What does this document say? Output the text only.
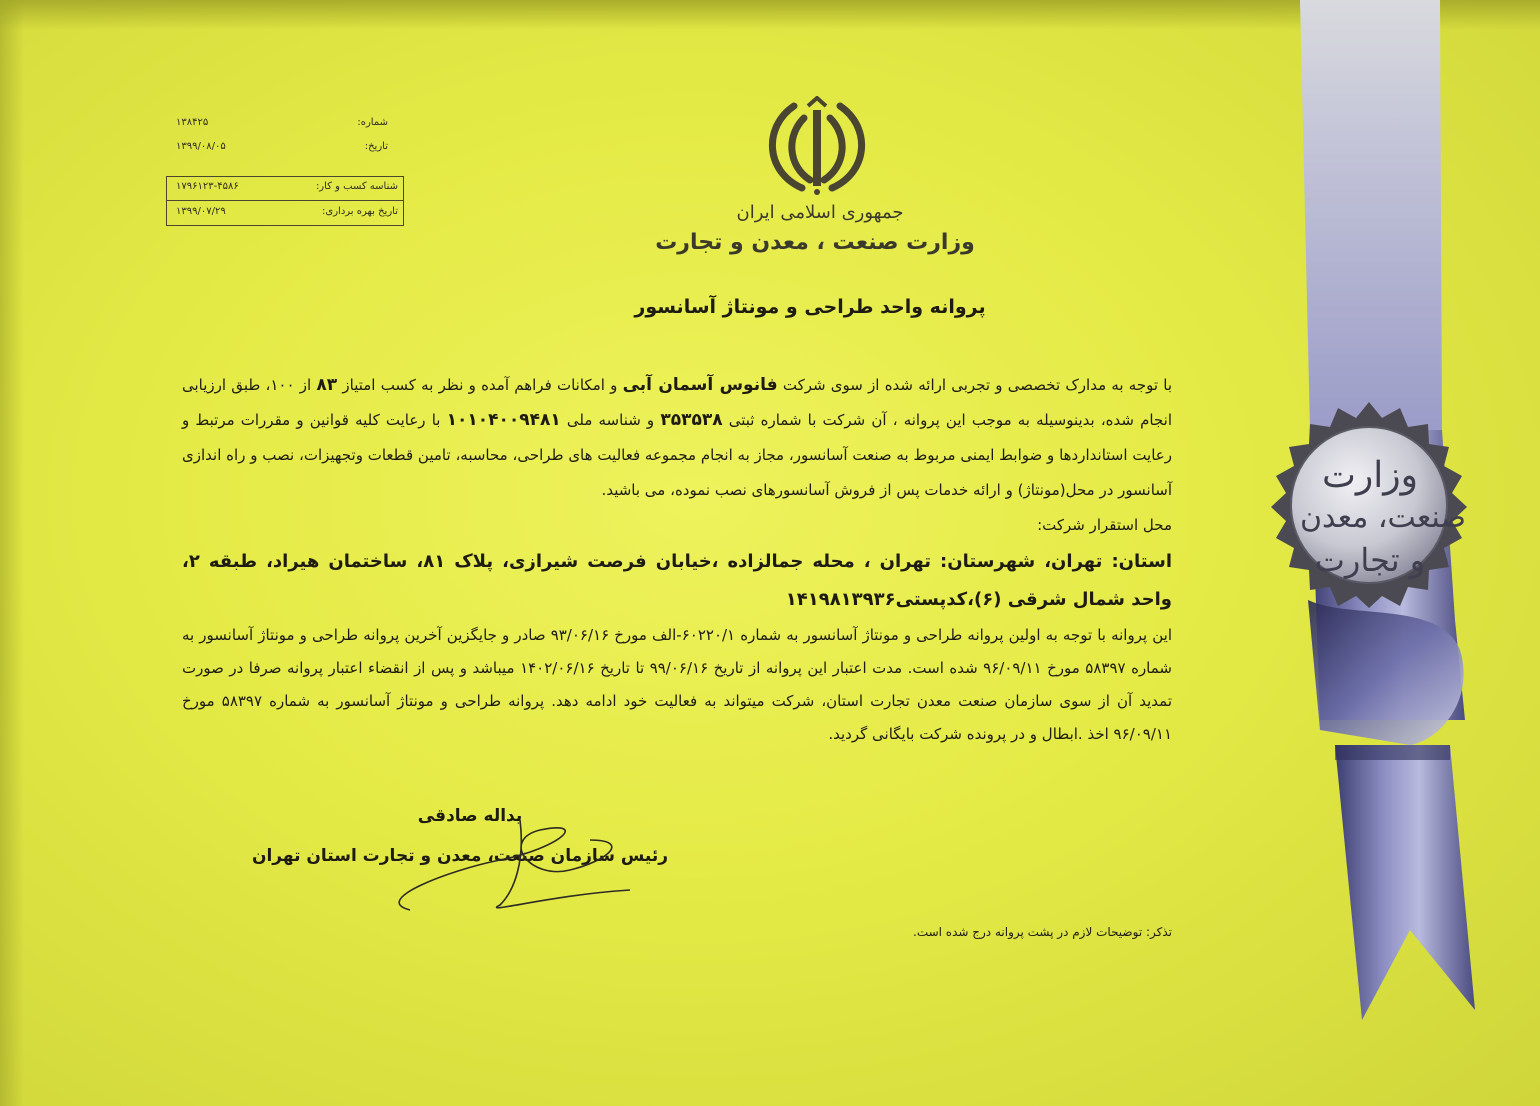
وزارت
صنعت، معدن
و تجارت
جمهوری اسلامی ایران
وزارت صنعت ، معدن و تجارت
شماره:
۱۳۸۴۲۵
تاریخ:
۱۳۹۹/۰۸/۰۵
شناسه کسب و کار:
۱۷۹۶۱۲۳-۴۵۸۶
تاریخ بهره برداری:
۱۳۹۹/۰۷/۲۹
پروانه واحد طراحی و مونتاژ آسانسور

با توجه به مدارک تخصصی و تجربی ارائه شده از سوی شرکت فانوس آسمان آبی و امکانات فراهم آمده و نظر به کسب امتیاز ۸۳ از ۱۰۰، طبق ارزیابی انجام شده، بدینوسیله به موجب این پروانه ، آن شرکت با شماره ثبتی ۳۵۳۵۳۸ و شناسه ملی ۱۰۱۰۴۰۰۹۴۸۱ با رعایت کلیه قوانین و مقررات مرتبط و رعایت استانداردها و ضوابط ایمنی مربوط به صنعت آسانسور، مجاز به انجام مجموعه فعالیت های طراحی، محاسبه، تامین قطعات وتجهیزات، نصب و راه اندازی آسانسور در محل(مونتاژ) و ارائه خدمات پس از فروش آسانسورهای نصب نموده، می باشید.

محل استقرار شرکت:

استان: تهران، شهرستان: تهران ، محله جمالزاده ،خیابان فرصت شیرازی، پلاک ۸۱، ساختمان هیراد، طبقه ۲، واحد شمال شرقی (۶)،کدپستی۱۴۱۹۸۱۳۹۳۶

این پروانه با توجه به اولین پروانه طراحی و مونتاژ آسانسور به شماره ۶۰۲۲۰/۱-الف مورخ ۹۳/۰۶/۱۶ صادر و جایگزین آخرین پروانه طراحی و مونتاژ آسانسور به شماره ۵۸۳۹۷ مورخ ۹۶/۰۹/۱۱ شده است. مدت اعتبار این پروانه از تاریخ ۹۹/۰۶/۱۶ تا تاریخ ۱۴۰۲/۰۶/۱۶ میباشد و پس از انقضاء اعتبار پروانه صرفا در صورت تمدید آن از سوی سازمان صنعت معدن تجارت استان، شرکت میتواند به فعالیت خود ادامه دهد. پروانه طراحی و مونتاژ آسانسور به شماره ۵۸۳۹۷ مورخ ۹۶/۰۹/۱۱ اخذ .ابطال و در پرونده شرکت بایگانی گردید.

یداله صادقی
رئیس سازمان صنعت، معدن و تجارت استان تهران
تذکر: توضیحات لازم در پشت پروانه درج شده است.
